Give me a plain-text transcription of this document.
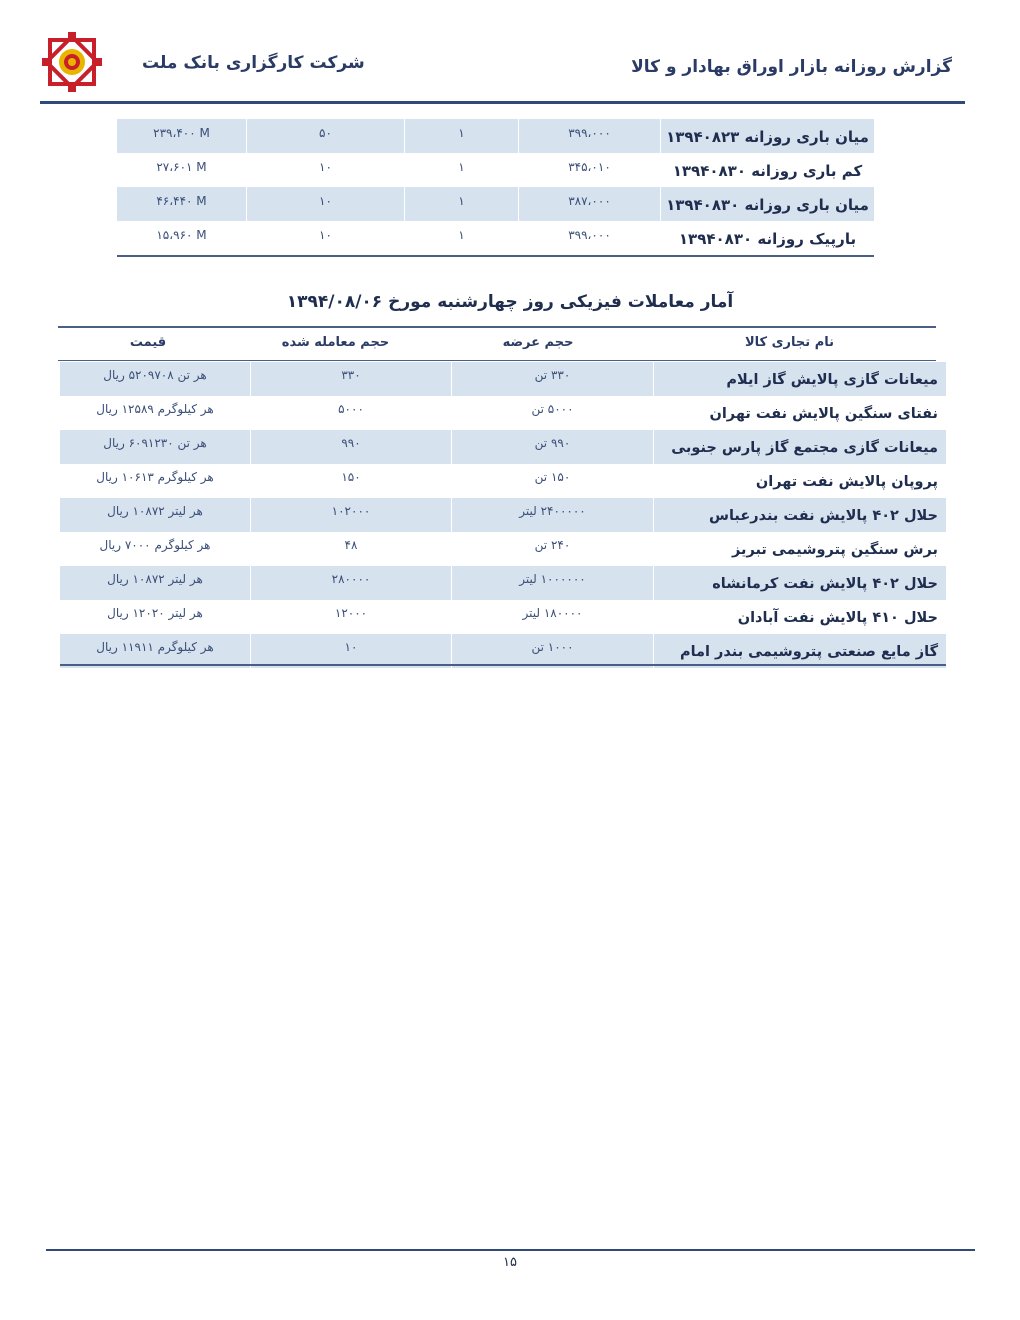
شرکت کارگزاری بانک ملت	گزارش روزانه بازار اوراق بهادار و کالا
میان باری روزانه ۱۳۹۴۰۸۲۳
۳۹۹،۰۰۰
۱
۵۰
۲۳۹،۴۰۰ M
کم باری روزانه ۱۳۹۴۰۸۳۰
۳۴۵،۰۱۰
۱
۱۰
۲۷،۶۰۱ M
میان باری روزانه ۱۳۹۴۰۸۳۰
۳۸۷،۰۰۰
۱
۱۰
۴۶،۴۴۰ M
بارپیک روزانه ۱۳۹۴۰۸۳۰
۳۹۹،۰۰۰
۱
۱۰
۱۵،۹۶۰ M
آمار معاملات فیزیکی روز چهارشنبه مورخ ۱۳۹۴/۰۸/۰۶
نام تجاری کالا
حجم عرضه
حجم معامله شده
قیمت
میعانات گازی پالایش گاز ایلام
۳۳۰ تن
۳۳۰
هر تن ۵۲۰۹۷۰۸ ریال
نفتای سنگین پالایش نفت تهران
۵۰۰۰ تن
۵۰۰۰
هر کیلوگرم ۱۲۵۸۹ ریال
میعانات گازی مجتمع گاز پارس جنوبی
۹۹۰ تن
۹۹۰
هر تن ۶۰۹۱۲۳۰ ریال
پروپان پالایش نفت تهران
۱۵۰ تن
۱۵۰
هر کیلوگرم ۱۰۶۱۳ ریال
حلال ۴۰۲ پالایش نفت بندرعباس
۲۴۰۰۰۰۰ لیتر
۱۰۲۰۰۰
هر لیتر ۱۰۸۷۲ ریال
برش سنگین پتروشیمی تبریز
۲۴۰ تن
۴۸
هر کیلوگرم ۷۰۰۰ ریال
حلال ۴۰۲ پالایش نفت کرمانشاه
۱۰۰۰۰۰۰ لیتر
۲۸۰۰۰۰
هر لیتر ۱۰۸۷۲ ریال
حلال ۴۱۰ پالایش نفت آبادان
۱۸۰۰۰۰ لیتر
۱۲۰۰۰
هر لیتر ۱۲۰۲۰ ریال
گاز مایع صنعتی پتروشیمی بندر امام
۱۰۰۰ تن
۱۰
هر کیلوگرم ۱۱۹۱۱ ریال
۱۵
